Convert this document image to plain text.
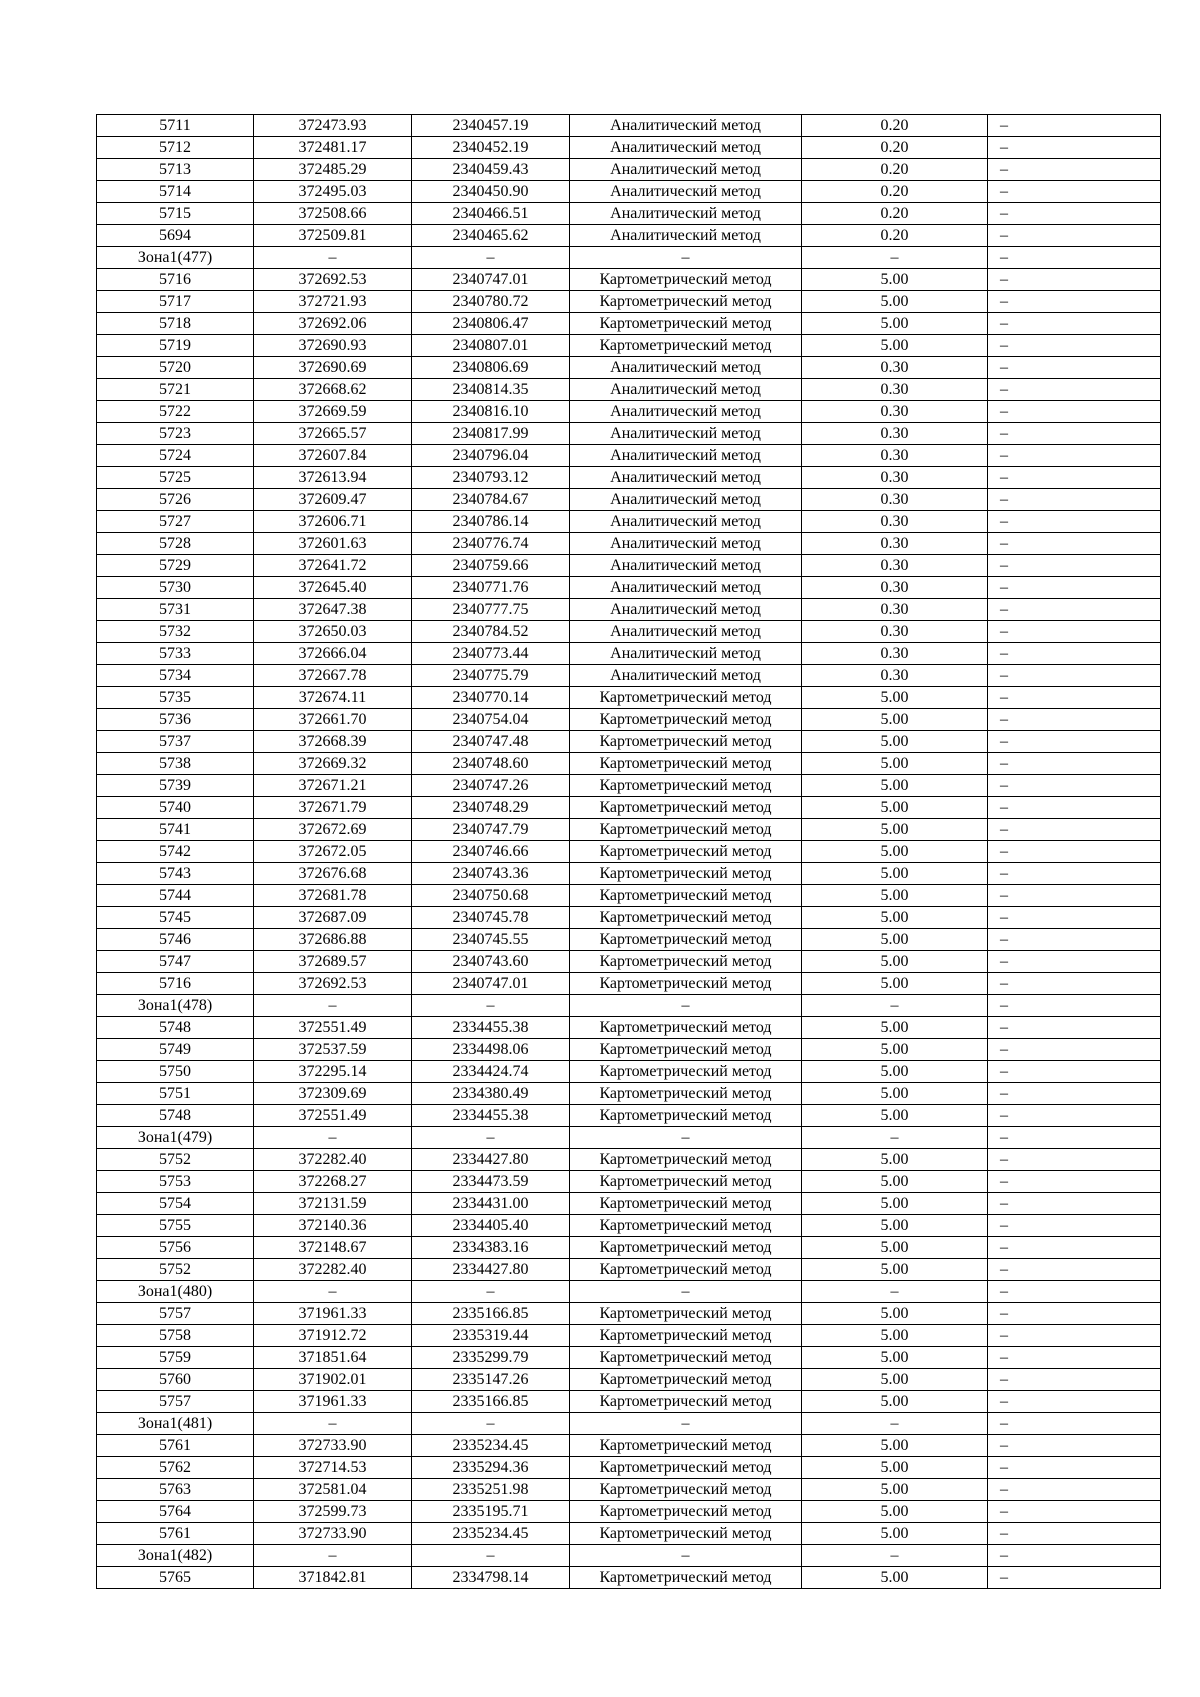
5711	372473.93	2340457.19	Аналитический метод	0.20	–
5712	372481.17	2340452.19	Аналитический метод	0.20	–
5713	372485.29	2340459.43	Аналитический метод	0.20	–
5714	372495.03	2340450.90	Аналитический метод	0.20	–
5715	372508.66	2340466.51	Аналитический метод	0.20	–
5694	372509.81	2340465.62	Аналитический метод	0.20	–
Зона1(477)	–	–	–	–	–
5716	372692.53	2340747.01	Картометрический метод	5.00	–
5717	372721.93	2340780.72	Картометрический метод	5.00	–
5718	372692.06	2340806.47	Картометрический метод	5.00	–
5719	372690.93	2340807.01	Картометрический метод	5.00	–
5720	372690.69	2340806.69	Аналитический метод	0.30	–
5721	372668.62	2340814.35	Аналитический метод	0.30	–
5722	372669.59	2340816.10	Аналитический метод	0.30	–
5723	372665.57	2340817.99	Аналитический метод	0.30	–
5724	372607.84	2340796.04	Аналитический метод	0.30	–
5725	372613.94	2340793.12	Аналитический метод	0.30	–
5726	372609.47	2340784.67	Аналитический метод	0.30	–
5727	372606.71	2340786.14	Аналитический метод	0.30	–
5728	372601.63	2340776.74	Аналитический метод	0.30	–
5729	372641.72	2340759.66	Аналитический метод	0.30	–
5730	372645.40	2340771.76	Аналитический метод	0.30	–
5731	372647.38	2340777.75	Аналитический метод	0.30	–
5732	372650.03	2340784.52	Аналитический метод	0.30	–
5733	372666.04	2340773.44	Аналитический метод	0.30	–
5734	372667.78	2340775.79	Аналитический метод	0.30	–
5735	372674.11	2340770.14	Картометрический метод	5.00	–
5736	372661.70	2340754.04	Картометрический метод	5.00	–
5737	372668.39	2340747.48	Картометрический метод	5.00	–
5738	372669.32	2340748.60	Картометрический метод	5.00	–
5739	372671.21	2340747.26	Картометрический метод	5.00	–
5740	372671.79	2340748.29	Картометрический метод	5.00	–
5741	372672.69	2340747.79	Картометрический метод	5.00	–
5742	372672.05	2340746.66	Картометрический метод	5.00	–
5743	372676.68	2340743.36	Картометрический метод	5.00	–
5744	372681.78	2340750.68	Картометрический метод	5.00	–
5745	372687.09	2340745.78	Картометрический метод	5.00	–
5746	372686.88	2340745.55	Картометрический метод	5.00	–
5747	372689.57	2340743.60	Картометрический метод	5.00	–
5716	372692.53	2340747.01	Картометрический метод	5.00	–
Зона1(478)	–	–	–	–	–
5748	372551.49	2334455.38	Картометрический метод	5.00	–
5749	372537.59	2334498.06	Картометрический метод	5.00	–
5750	372295.14	2334424.74	Картометрический метод	5.00	–
5751	372309.69	2334380.49	Картометрический метод	5.00	–
5748	372551.49	2334455.38	Картометрический метод	5.00	–
Зона1(479)	–	–	–	–	–
5752	372282.40	2334427.80	Картометрический метод	5.00	–
5753	372268.27	2334473.59	Картометрический метод	5.00	–
5754	372131.59	2334431.00	Картометрический метод	5.00	–
5755	372140.36	2334405.40	Картометрический метод	5.00	–
5756	372148.67	2334383.16	Картометрический метод	5.00	–
5752	372282.40	2334427.80	Картометрический метод	5.00	–
Зона1(480)	–	–	–	–	–
5757	371961.33	2335166.85	Картометрический метод	5.00	–
5758	371912.72	2335319.44	Картометрический метод	5.00	–
5759	371851.64	2335299.79	Картометрический метод	5.00	–
5760	371902.01	2335147.26	Картометрический метод	5.00	–
5757	371961.33	2335166.85	Картометрический метод	5.00	–
Зона1(481)	–	–	–	–	–
5761	372733.90	2335234.45	Картометрический метод	5.00	–
5762	372714.53	2335294.36	Картометрический метод	5.00	–
5763	372581.04	2335251.98	Картометрический метод	5.00	–
5764	372599.73	2335195.71	Картометрический метод	5.00	–
5761	372733.90	2335234.45	Картометрический метод	5.00	–
Зона1(482)	–	–	–	–	–
5765	371842.81	2334798.14	Картометрический метод	5.00	–
